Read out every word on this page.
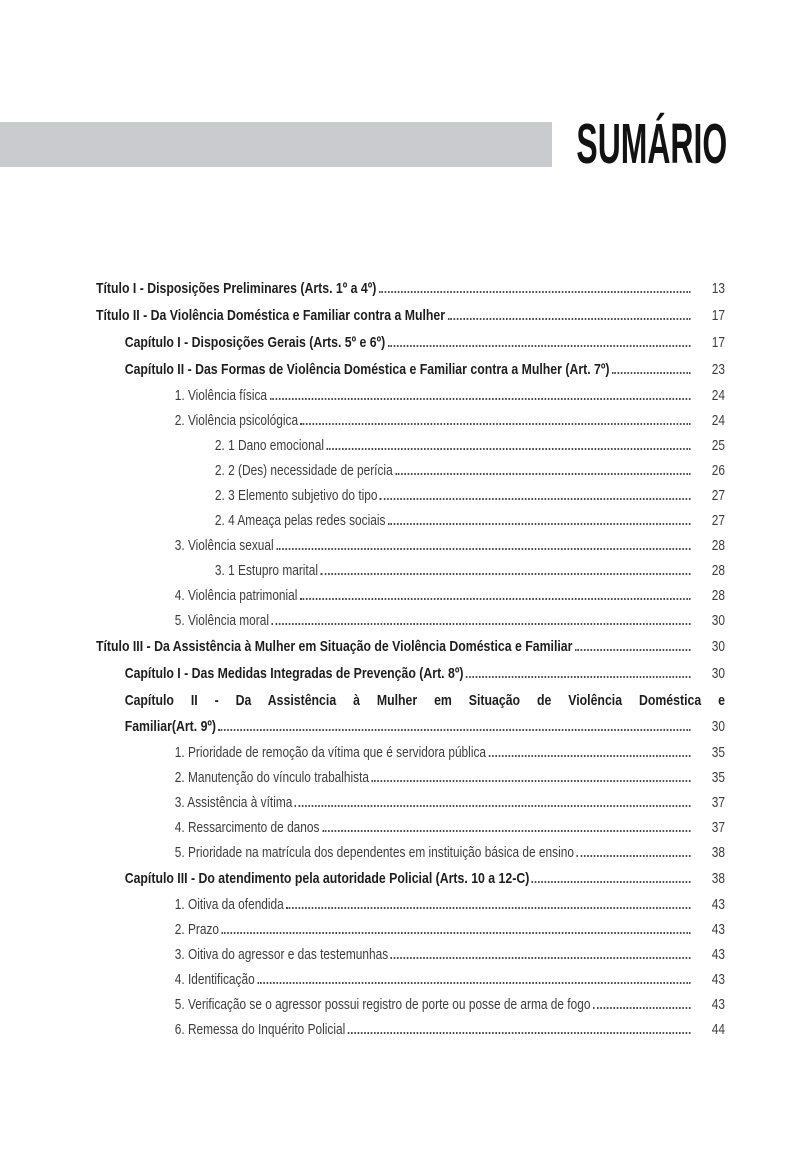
SUMÁRIO
Título I - Disposições Preliminares (Arts. 1º a 4º)	13
Título II - Da Violência Doméstica e Familiar contra a Mulher	17
Capítulo I - Disposições Gerais (Arts. 5º e 6º)	17
Capítulo II - Das Formas de Violência Doméstica e Familiar contra a Mulher (Art. 7º)	23
1. Violência física	24
2. Violência psicológica	24
2. 1 Dano emocional	25
2. 2 (Des) necessidade de perícia	26
2. 3 Elemento subjetivo do tipo	27
2. 4 Ameaça pelas redes sociais	27
3. Violência sexual	28
3. 1 Estupro marital	28
4. Violência patrimonial	28
5. Violência moral	30
Título III - Da Assistência à Mulher em Situação de Violência Doméstica e Familiar	30
Capítulo I - Das Medidas Integradas de Prevenção (Art. 8º)	30
Capítulo II - Da Assistência à Mulher em Situação de Violência Doméstica e
Familiar(Art. 9º)	30
1. Prioridade de remoção da vítima que é servidora pública	35
2. Manutenção do vínculo trabalhista	35
3. Assistência à vítima	37
4. Ressarcimento de danos	37
5. Prioridade na matrícula dos dependentes em instituição básica de ensino	38
Capítulo III - Do atendimento pela autoridade Policial (Arts. 10 a 12-C)	38
1. Oitiva da ofendida	43
2. Prazo	43
3. Oitiva do agressor e das testemunhas	43
4. Identificação	43
5. Verificação se o agressor possui registro de porte ou posse de arma de fogo	43
6. Remessa do Inquérito Policial	44
